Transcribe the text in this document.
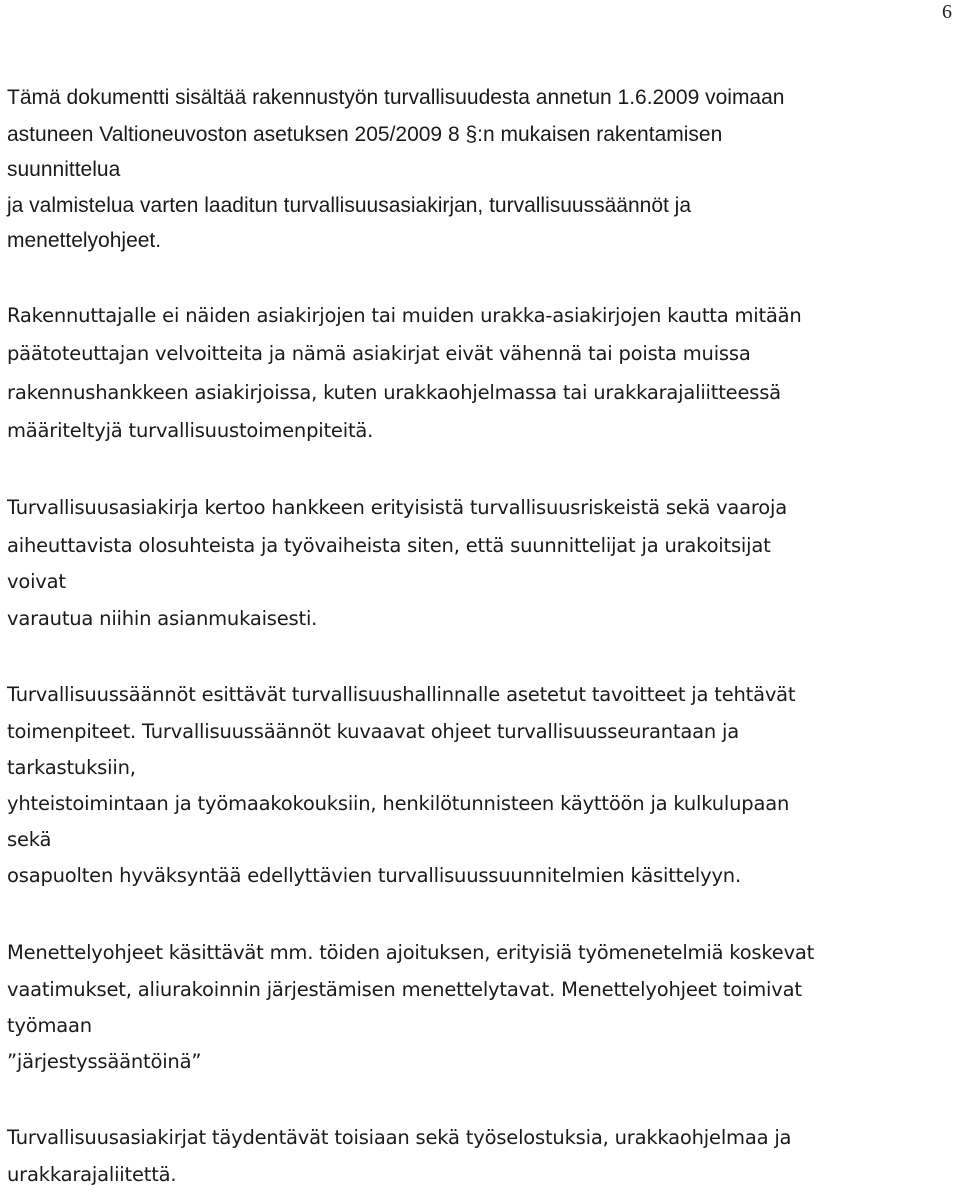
6
Tämä dokumentti sisältää rakennustyön turvallisuudesta annetun 1.6.2009 voimaan
astuneen Valtioneuvoston asetuksen 205/2009 8 §:n mukaisen rakentamisen
suunnittelua
ja valmistelua varten laaditun turvallisuusasiakirjan, turvallisuussäännöt ja
menettelyohjeet.
Rakennuttajalle ei näiden asiakirjojen tai muiden urakka-asiakirjojen kautta mitään
päätoteuttajan velvoitteita ja nämä asiakirjat eivät vähennä tai poista muissa
rakennushankkeen asiakirjoissa, kuten urakkaohjelmassa tai urakkarajaliitteessä
määriteltyjä turvallisuustoimenpiteitä.
Turvallisuusasiakirja kertoo hankkeen erityisistä turvallisuusriskeistä sekä vaaroja
aiheuttavista olosuhteista ja työvaiheista siten, että suunnittelijat ja urakoitsijat
voivat
varautua niihin asianmukaisesti.
Turvallisuussäännöt esittävät turvallisuushallinnalle asetetut tavoitteet ja tehtävät
toimenpiteet. Turvallisuussäännöt kuvaavat ohjeet turvallisuusseurantaan ja
tarkastuksiin,
yhteistoimintaan ja työmaakokouksiin, henkilötunnisteen käyttöön ja kulkulupaan
sekä
osapuolten hyväksyntää edellyttävien turvallisuussuunnitelmien käsittelyyn.
Menettelyohjeet käsittävät mm. töiden ajoituksen, erityisiä työmenetelmiä koskevat
vaatimukset, aliurakoinnin järjestämisen menettelytavat. Menettelyohjeet toimivat
työmaan
”järjestyssääntöinä”
Turvallisuusasiakirjat täydentävät toisiaan sekä työselostuksia, urakkaohjelmaa ja
urakkarajaliitettä.
